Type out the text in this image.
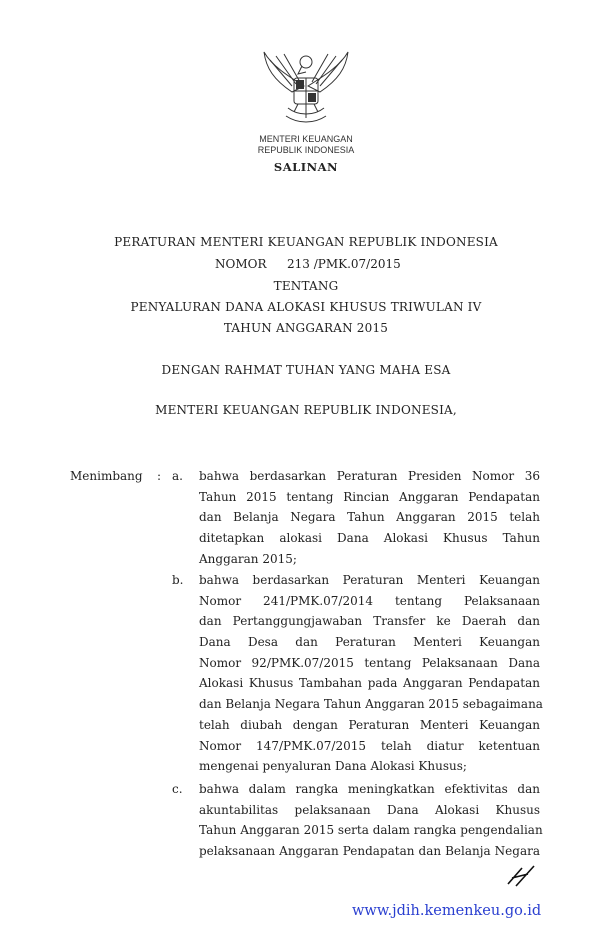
MENTERI KEUANGAN
REPUBLIK INDONESIA
SALINAN
PERATURAN MENTERI KEUANGAN REPUBLIK INDONESIA
NOMOR 213 /PMK.07/2015
TENTANG
PENYALURAN DANA ALOKASI KHUSUS TRIWULAN IV
TAHUN ANGGARAN 2015
DENGAN RAHMAT TUHAN YANG MAHA ESA
MENTERI KEUANGAN REPUBLIK INDONESIA,
Menimbang : a. bahwa berdasarkan Peraturan Presiden Nomor 36
Tahun 2015 tentang Rincian Anggaran Pendapatan
dan Belanja Negara Tahun Anggaran 2015 telah
ditetapkan alokasi Dana Alokasi Khusus Tahun
Anggaran 2015;
b. bahwa berdasarkan Peraturan Menteri Keuangan
Nomor 241/PMK.07/2014 tentang Pelaksanaan
dan Pertanggungjawaban Transfer ke Daerah dan
Dana Desa dan Peraturan Menteri Keuangan
Nomor 92/PMK.07/2015 tentang Pelaksanaan Dana
Alokasi Khusus Tambahan pada Anggaran Pendapatan
dan Belanja Negara Tahun Anggaran 2015 sebagaimana
telah diubah dengan Peraturan Menteri Keuangan
Nomor 147/PMK.07/2015 telah diatur ketentuan
mengenai penyaluran Dana Alokasi Khusus;
c. bahwa dalam rangka meningkatkan efektivitas dan
akuntabilitas pelaksanaan Dana Alokasi Khusus
Tahun Anggaran 2015 serta dalam rangka pengendalian
pelaksanaan Anggaran Pendapatan dan Belanja Negara
www.jdih.kemenkeu.go.id
